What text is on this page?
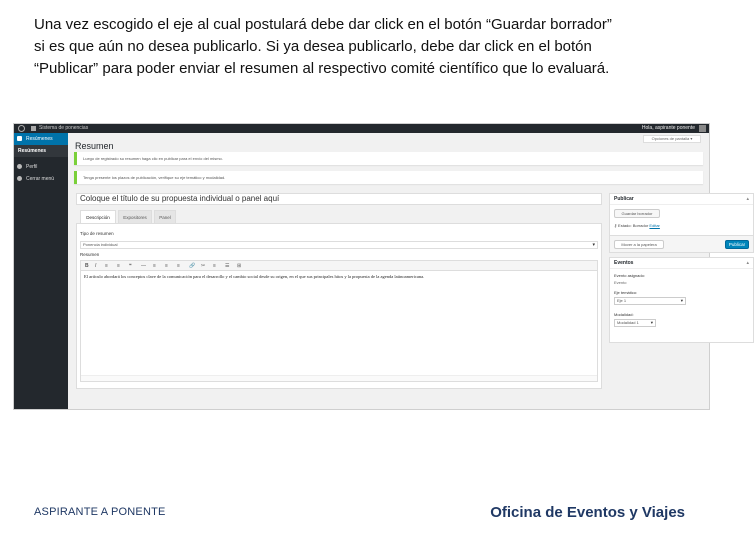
Una vez escogido el eje al cual postulará debe dar click en el botón “Guardar borrador”
si es que aún no desea publicarlo. Si ya desea publicarlo, debe dar click en el botón
“Publicar” para poder enviar el resumen al respectivo comité científico que lo evaluará.
Sistema de ponencias	Hola, aspirante ponente
Resúmenes
Resúmenes
Perfil
Cerrar menú
Opciones de pantalla ▾
Resumen
Luego de registrado su resumen haga clic en publicar para el envío del mismo.
Tenga presente los plazos de publicación, verifique su eje temático y modalidad.
Coloque el título de su propuesta individual o panel aquí
Descripción	Expositores	Panel
Tipo de resumen
Ponencia individual	▾
Resumen
B I ≡ ≡ ❝ — ≡ ≡ ≡ 🔗 ✂ ≡ ☰ ⊞
El artículo abordará los conceptos clave de la comunicación para el desarrollo y el cambio social desde su origen, en el que sus principales hitos y la propuesta de la agenda latinoamericana.
Publicar	▴
Guardar borrador
⚷ Estado: Borrador Editar
Mover a la papelera	Publicar
Eventos	▴
Evento asignado:
Evento
Eje temático:
Eje 1	▾
Modalidad:
Modalidad 1	▾
ASPIRANTE A PONENTE	Oficina de Eventos y Viajes
